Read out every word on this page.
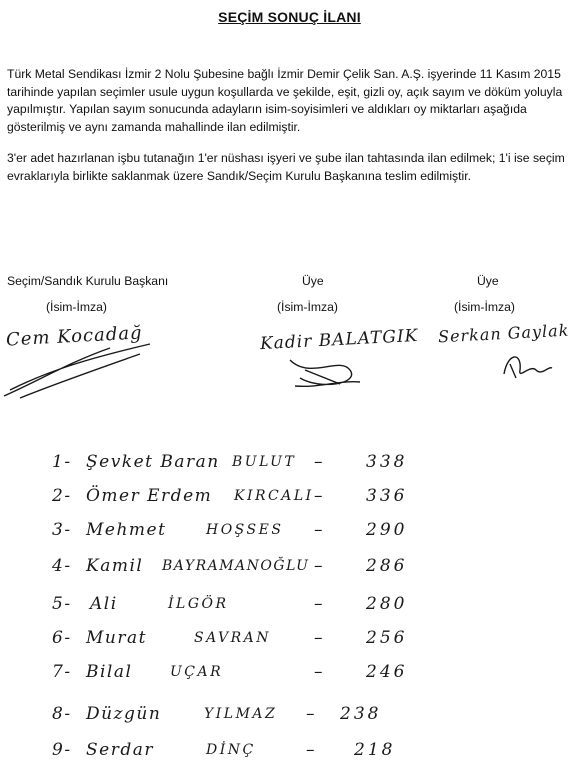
SEÇİM SONUÇ İLANI

Türk Metal Sendikası İzmir 2 Nolu Şubesine bağlı İzmir Demir Çelik San. A.Ş. işyerinde 11 Kasım 2015 tarihinde yapılan seçimler usule uygun koşullarda ve şekilde, eşit, gizli oy, açık sayım ve döküm yoluyla yapılmıştır. Yapılan sayım sonucunda adayların isim-soyisimleri ve aldıkları oy miktarları aşağıda gösterilmiş ve aynı zamanda mahallinde ilan edilmiştir.

3'er adet hazırlanan işbu tutanağın 1'er nüshası işyeri ve şube ilan tahtasında ilan edilmek; 1'i ise seçim evraklarıyla birlikte saklanmak üzere Sandık/Seçim Kurulu Başkanına teslim edilmiştir.

Seçim/Sandık Kurulu Başkanı
(İsim-İmza)
Üye
(İsim-İmza)
Üye
(İsim-İmza)
Cem Kocadağ	Kadir BALATGIK Serkan Gaylak
1- Şevket Baran BULUT – 338
2- Ömer Erdem KIRCALI – 336
3- Mehmet	HOŞSES – 290
4- Kamil BAYRAMANOĞLU – 286
5- Ali	İLGÖR	– 280
6- Murat	SAVRAN	– 256
7- Bilal	UÇAR	– 246
8- Düzgün	YILMAZ – 238
9- Serdar	DİNÇ	– 218
